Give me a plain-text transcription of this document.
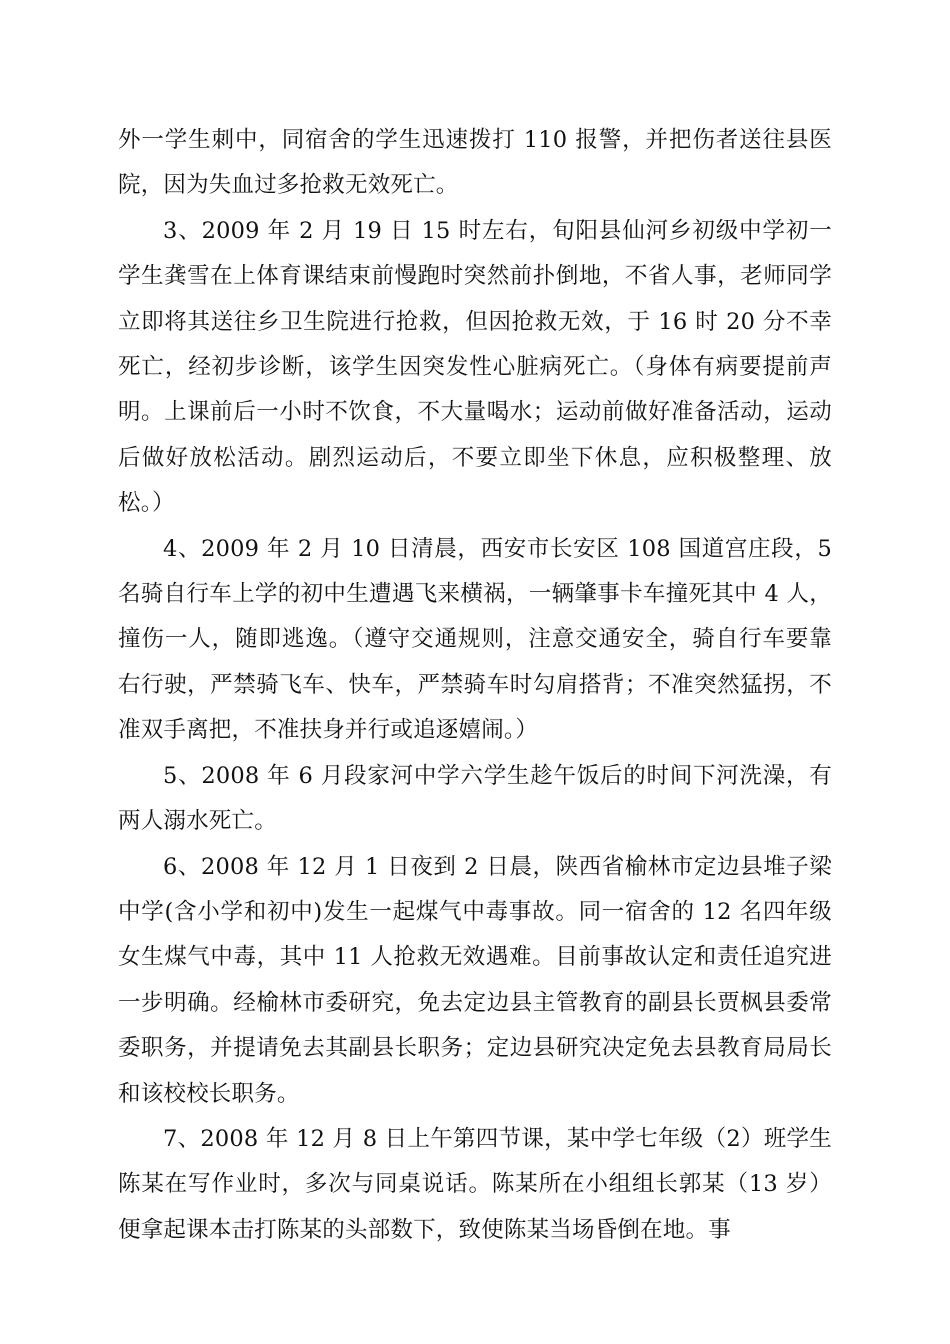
外一学生刺中，同宿舍的学生迅速拨打 110 报警，并把伤者送往县医院，因为失血过多抢救无效死亡。

3、2009 年 2 月 19 日 15 时左右，旬阳县仙河乡初级中学初一学生龚雪在上体育课结束前慢跑时突然前扑倒地，不省人事，老师同学立即将其送往乡卫生院进行抢救，但因抢救无效，于 16 时 20 分不幸死亡，经初步诊断，该学生因突发性心脏病死亡。（身体有病要提前声明。上课前后一小时不饮食，不大量喝水；运动前做好准备活动，运动后做好放松活动。剧烈运动后，不要立即坐下休息，应积极整理、放松。）

4、2009 年 2 月 10 日清晨，西安市长安区 108 国道宫庄段，5 名骑自行车上学的初中生遭遇飞来横祸，一辆肇事卡车撞死其中 4 人，撞伤一人，随即逃逸。（遵守交通规则，注意交通安全，骑自行车要靠右行驶，严禁骑飞车、快车，严禁骑车时勾肩搭背；不准突然猛拐，不准双手离把，不准扶身并行或追逐嬉闹。）

5、2008 年 6 月段家河中学六学生趁午饭后的时间下河洗澡，有两人溺水死亡。

6、2008 年 12 月 1 日夜到 2 日晨，陕西省榆林市定边县堆子梁中学(含小学和初中)发生一起煤气中毒事故。同一宿舍的 12 名四年级女生煤气中毒，其中 11 人抢救无效遇难。目前事故认定和责任追究进一步明确。经榆林市委研究，免去定边县主管教育的副县长贾枫县委常委职务，并提请免去其副县长职务；定边县研究决定免去县教育局局长和该校校长职务。

7、2008 年 12 月 8 日上午第四节课，某中学七年级（2）班学生陈某在写作业时，多次与同桌说话。陈某所在小组组长郭某（13 岁）便拿起课本击打陈某的头部数下，致使陈某当场昏倒在地。事
